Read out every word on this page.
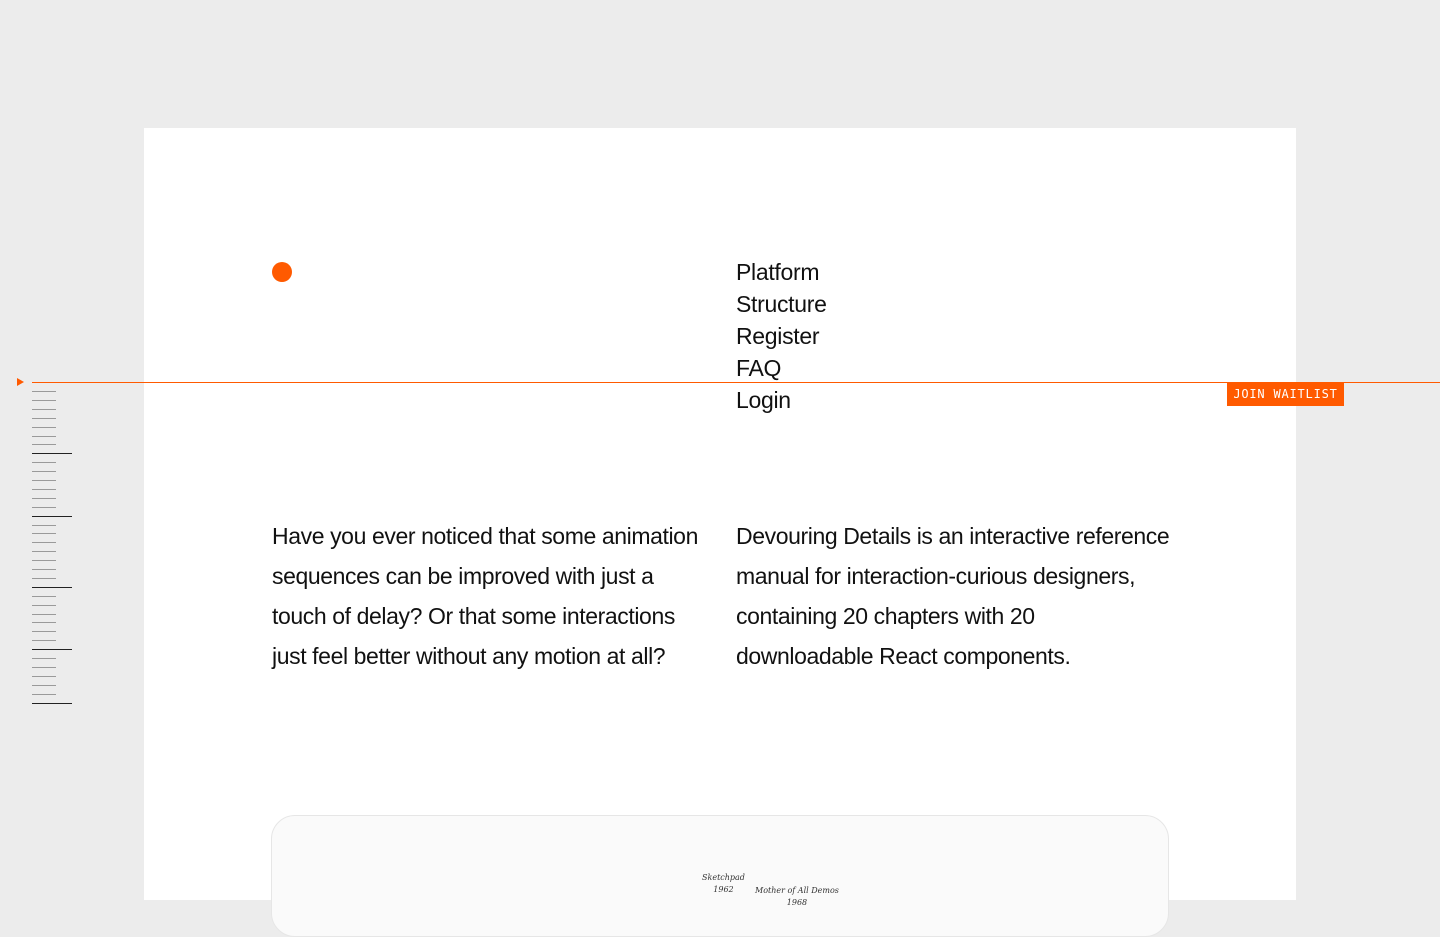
Platform
Structure
Register
FAQ
Login	JOIN WAITLIST

Have you ever noticed that some animation sequences can be improved with just a touch of delay? Or that some interactions just feel better without any motion at all?

Devouring Details is an interactive reference manual for interaction-curious designers, containing 20 chapters with 20 downloadable React components.

Sketchpad
1962	Mother of All Demos
1968
